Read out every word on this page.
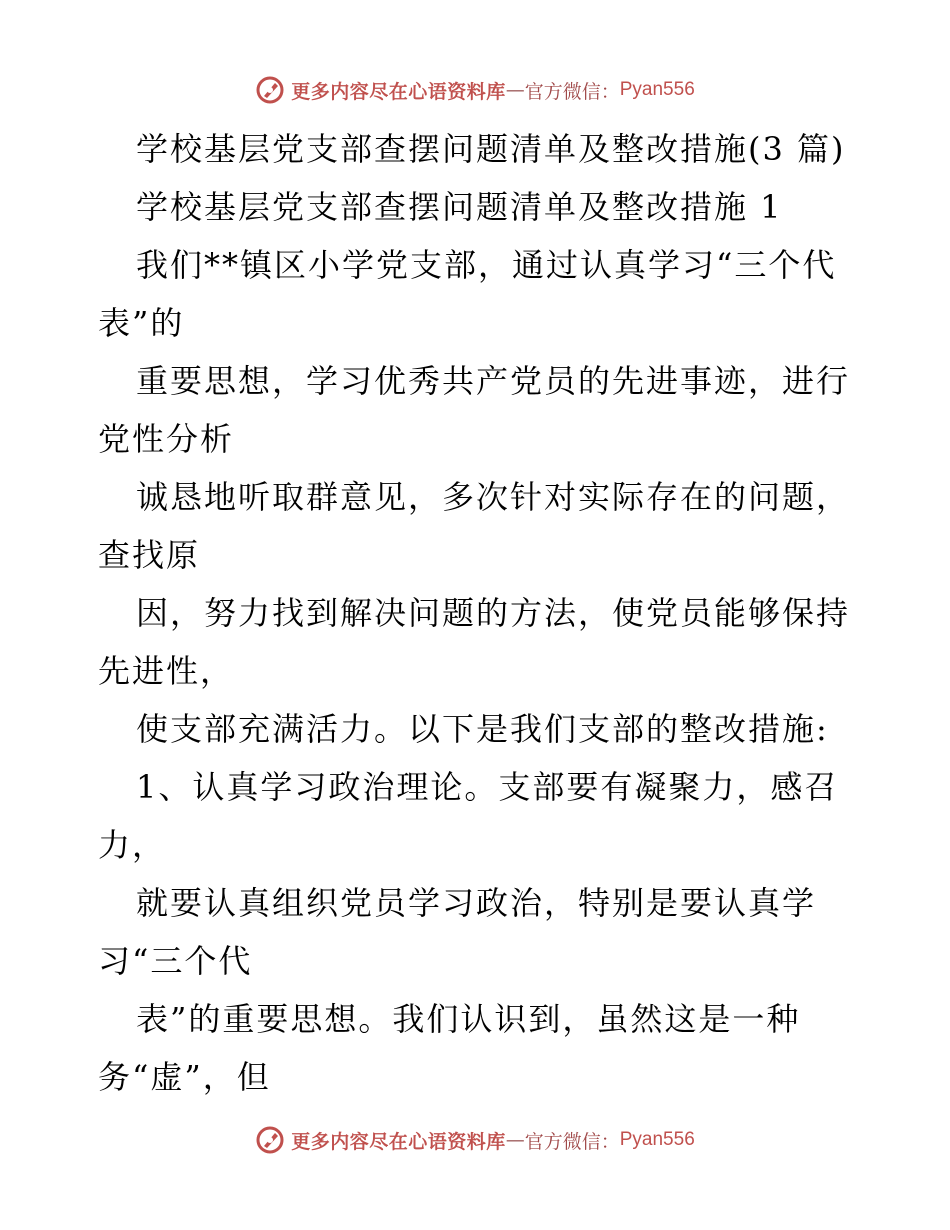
更多内容尽在心语资料库 — 官方微信： Pyan556
学校基层党支部查摆问题清单及整改措施(3 篇)
学校基层党支部查摆问题清单及整改措施 1
我们**镇区小学党支部，通过认真学习“三个代
表”的
重要思想，学习优秀共产党员的先进事迹，进行
党性分析
诚恳地听取群意见，多次针对实际存在的问题，
查找原
因，努力找到解决问题的方法，使党员能够保持
先进性，
使支部充满活力。以下是我们支部的整改措施:
1、认真学习政治理论。支部要有凝聚力，感召
力，
就要认真组织党员学习政治，特别是要认真学
习“三个代
表”的重要思想。我们认识到，虽然这是一种
务“虚”，但
更多内容尽在心语资料库 — 官方微信： Pyan556
